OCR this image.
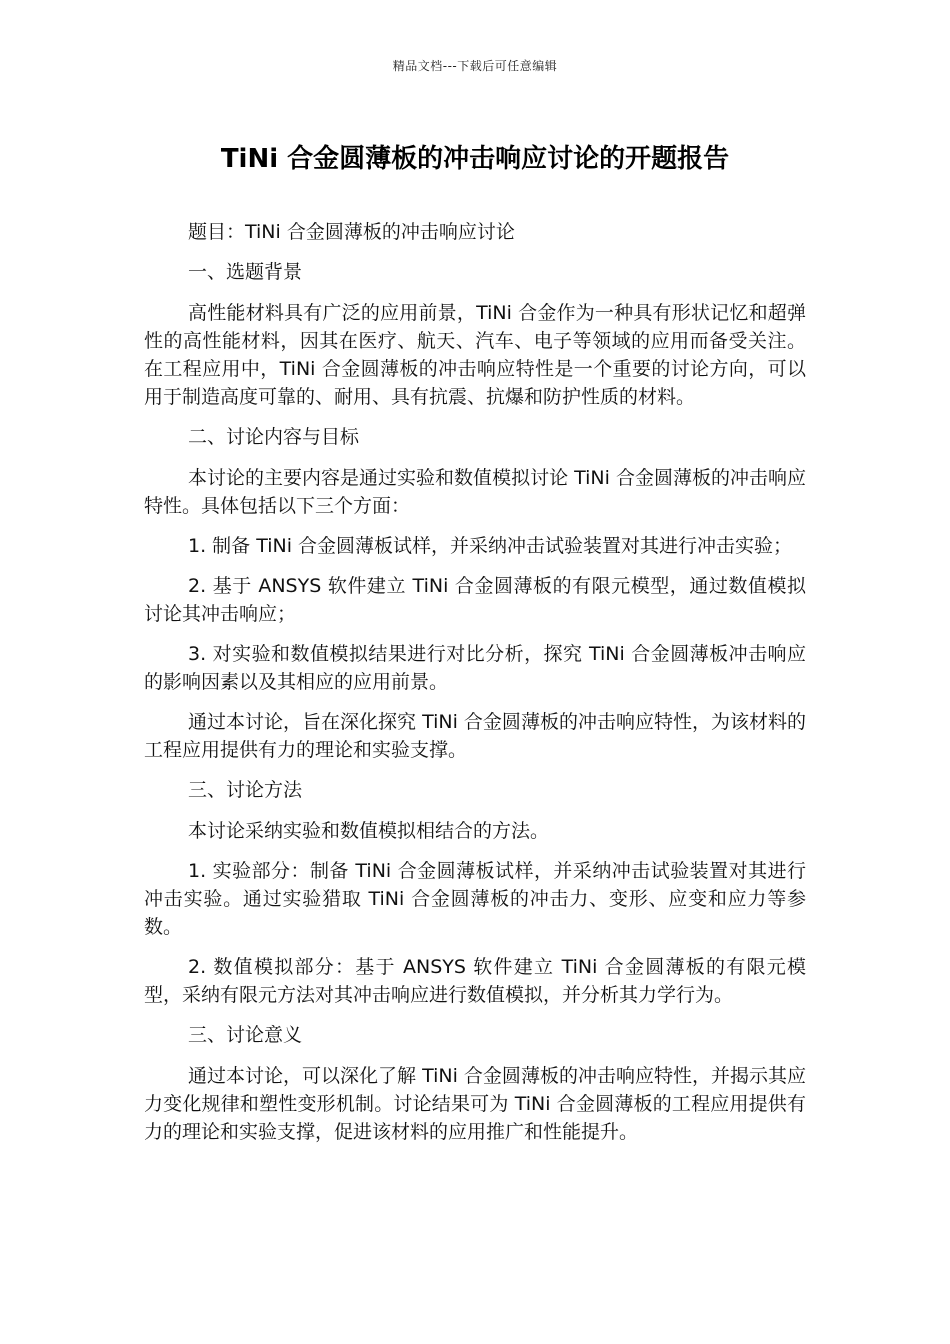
精品文档---下载后可任意编辑
TiNi 合金圆薄板的冲击响应讨论的开题报告

题目：TiNi 合金圆薄板的冲击响应讨论

一、选题背景

高性能材料具有广泛的应用前景，TiNi 合金作为一种具有形状记忆和超弹性的高性能材料，因其在医疗、航天、汽车、电子等领域的应用而备受关注。在工程应用中，TiNi 合金圆薄板的冲击响应特性是一个重要的讨论方向，可以用于制造高度可靠的、耐用、具有抗震、抗爆和防护性质的材料。

二、讨论内容与目标

本讨论的主要内容是通过实验和数值模拟讨论 TiNi 合金圆薄板的冲击响应特性。具体包括以下三个方面：

1. 制备 TiNi 合金圆薄板试样，并采纳冲击试验装置对其进行冲击实验；

2. 基于 ANSYS 软件建立 TiNi 合金圆薄板的有限元模型，通过数值模拟讨论其冲击响应；

3. 对实验和数值模拟结果进行对比分析，探究 TiNi 合金圆薄板冲击响应的影响因素以及其相应的应用前景。

通过本讨论，旨在深化探究 TiNi 合金圆薄板的冲击响应特性，为该材料的工程应用提供有力的理论和实验支撑。

三、讨论方法

本讨论采纳实验和数值模拟相结合的方法。

1. 实验部分：制备 TiNi 合金圆薄板试样，并采纳冲击试验装置对其进行冲击实验。通过实验猎取 TiNi 合金圆薄板的冲击力、变形、应变和应力等参数。

2. 数值模拟部分：基于 ANSYS 软件建立 TiNi 合金圆薄板的有限元模型，采纳有限元方法对其冲击响应进行数值模拟，并分析其力学行为。

三、讨论意义

通过本讨论，可以深化了解 TiNi 合金圆薄板的冲击响应特性，并揭示其应力变化规律和塑性变形机制。讨论结果可为 TiNi 合金圆薄板的工程应用提供有力的理论和实验支撑，促进该材料的应用推广和性能提升。
